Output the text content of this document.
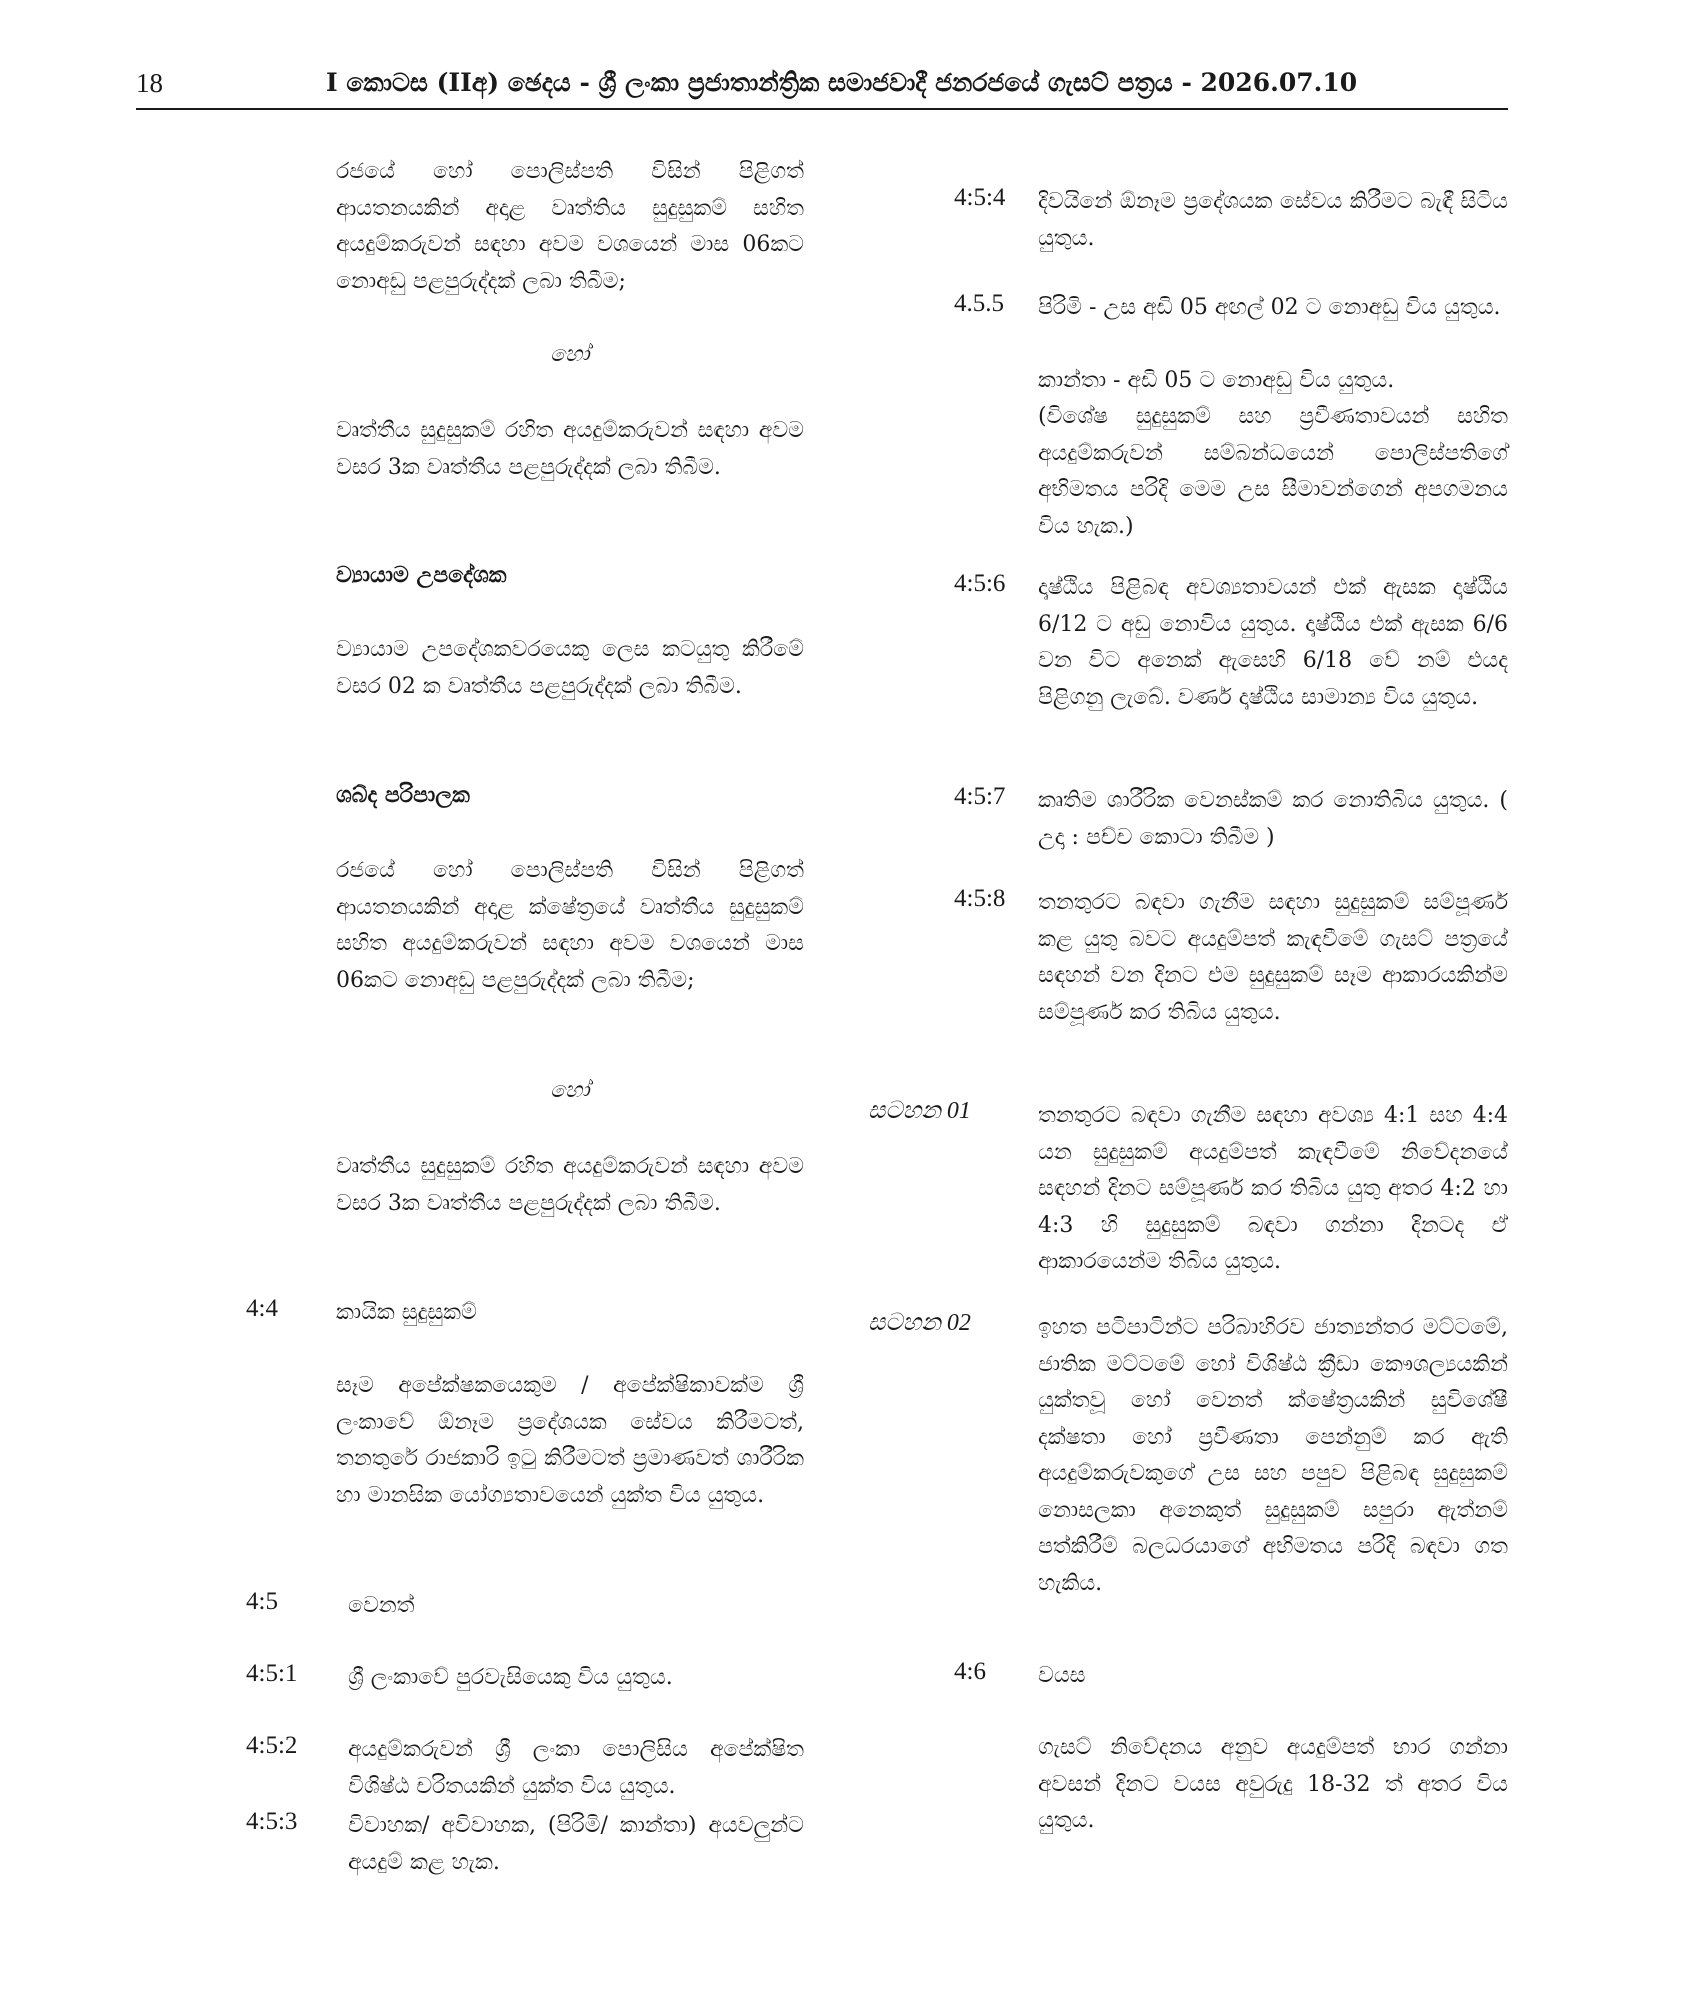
18	I කොටස (IIඅ) ඡෙදය - ශ්‍රී ලංකා ප්‍රජාතාන්ත්‍රික සමාජවාදී ජනරජයේ ගැසට් පත්‍රය - 2026.07.10
රජයේ හෝ පොලිස්පති විසින් පිළිගත් ආයතනයකින් අදාළ වෘත්තිය සුදුසුකම් සහිත අයදුම්කරුවන් සඳහා අවම වශයෙන් මාස 06කට නොඅඩු පළපුරුද්දක් ලබා තිබීම;
හෝ
වෘත්තීය සුදුසුකම් රහිත අයදුම්කරුවන් සඳහා අවම වසර 3ක වෘත්තීය පළපුරුද්දක් ලබා තිබීම.
ව්‍යායාම උපදේශක
ව්‍යායාම උපදේශකවරයෙකු ලෙස කටයුතු කිරීමේ වසර 02 ක වෘත්තීය පළපුරුද්දක් ලබා තිබීම.
ශබ්ද පරිපාලක
රජයේ හෝ පොලිස්පති විසින් පිළිගත් ආයතනයකින් අදාළ ක්ෂේත්‍රයේ වෘත්තීය සුදුසුකම් සහිත අයදුම්කරුවන් සඳහා අවම වශයෙන් මාස 06කට නොඅඩු පළපුරුද්දක් ලබා තිබීම;
හෝ
වෘත්තීය සුදුසුකම් රහිත අයදුම්කරුවන් සඳහා අවම වසර 3ක වෘත්තීය පළපුරුද්දක් ලබා තිබීම.
4:4	කායික සුදුසුකම්
සෑම අපේක්ෂකයෙකුම / අපේක්ෂිකාවක්ම ශ්‍රී ලංකාවේ ඕනෑම ප්‍රදේශයක සේවය කිරීමටත්, තනතුරේ රාජකාරි ඉටු කිරීමටත් ප්‍රමාණවත් ශාරීරික හා මානසික යෝග්‍යතාවයෙන් යුක්ත විය යුතුය.
4:5	වෙනත්
4:5:1 ශ්‍රී ලංකාවේ පුරවැසියෙකු විය යුතුය.
4:5:2 අයදුම්කරුවන් ශ්‍රී ලංකා පොලිසිය අපේක්ෂිත විශිෂ්ඨ චරිතයකින් යුක්ත විය යුතුය.
4:5:3 විවාහක/ අවිවාහක, (පිරිමි/ කාන්තා) අයවලුන්ට අයදුම් කළ හැක.
4:5:4 දිවයිනේ ඕනෑම ප්‍රදේශයක සේවය කිරීමට බැඳී සිටිය යුතුය.
4.5.5 පිරිමි - උස අඩි 05 අඟල් 02 ට නොඅඩු විය යුතුය.
කාන්තා - අඩි 05 ට නොඅඩු විය යුතුය.
(විශේෂ සුදුසුකම් සහ ප්‍රවීණතාවයන් සහිත අයදුම්කරුවන් සම්බන්ධයෙන් පොලිස්පතිගේ අභිමතය පරිදි මෙම උස සීමාවන්ගෙන් අපගමනය විය හැක.)
4:5:6 දෘෂ්ඨිය පිළිබඳ අවශ්‍යතාවයන් එක් ඇසක දෘෂ්ඨිය 6/12 ට අඩු නොවිය යුතුය. දෘෂ්ඨිය එක් ඇසක 6/6 වන විට අනෙක් ඇසෙහි 6/18 වේ නම් එයද පිළිගනු ලැබේ. වර්ණ දෘෂ්ඨිය සාමාන්‍ය විය යුතුය.
4:5:7 කෘතිම ශාරීරික වෙනස්කම් කර නොතිබිය යුතුය. ( උදා : පච්ච කොටා තිබීම )
4:5:8 තනතුරට බඳවා ගැනීම සඳහා සුදුසුකම් සම්පූර්ණ කළ යුතු බවට අයදුම්පත් කැඳවීමේ ගැසට් පත්‍රයේ සඳහන් වන දිනට එම සුදුසුකම් සෑම ආකාරයකින්ම සම්පූර්ණ කර තිබිය යුතුය.
සටහන 01	තනතුරට බඳවා ගැනීම සඳහා අවශ්‍ය 4:1 සහ 4:4 යන සුදුසුකම් අයදුම්පත් කැඳවීමේ නිවේදනයේ සඳහන් දිනට සම්පූර්ණ කර තිබිය යුතු අතර 4:2 හා 4:3 හි සුදුසුකම් බඳවා ගන්නා දිනටද ඒ ආකාරයෙන්ම තිබිය යුතුය.
සටහන 02	ඉහත පටිපාටින්ට පරිබාහිරව ජාත්‍යන්තර මට්ටමේ, ජාතික මට්ටමේ හෝ විශිෂ්ඨ ක්‍රීඩා කෞශල්‍යයකින් යුක්තවූ හෝ වෙනත් ක්ෂේත්‍රයකින් සුවිශේෂී දක්ෂතා හෝ ප්‍රවීණතා පෙන්නුම් කර ඇති අයදුම්කරුවකුගේ උස සහ පපුව පිළිබඳ සුදුසුකම් නොසලකා අනෙකුත් සුදුසුකම් සපුරා ඇත්නම් පත්කිරීම් බලධරයාගේ අභිමතය පරිදි බඳවා ගත හැකිය.
4:6 වයස
ගැසට් නිවේදනය අනුව අයදුම්පත් භාර ගන්නා අවසන් දිනට වයස අවුරුදු 18-32 ත් අතර විය යුතුය.
